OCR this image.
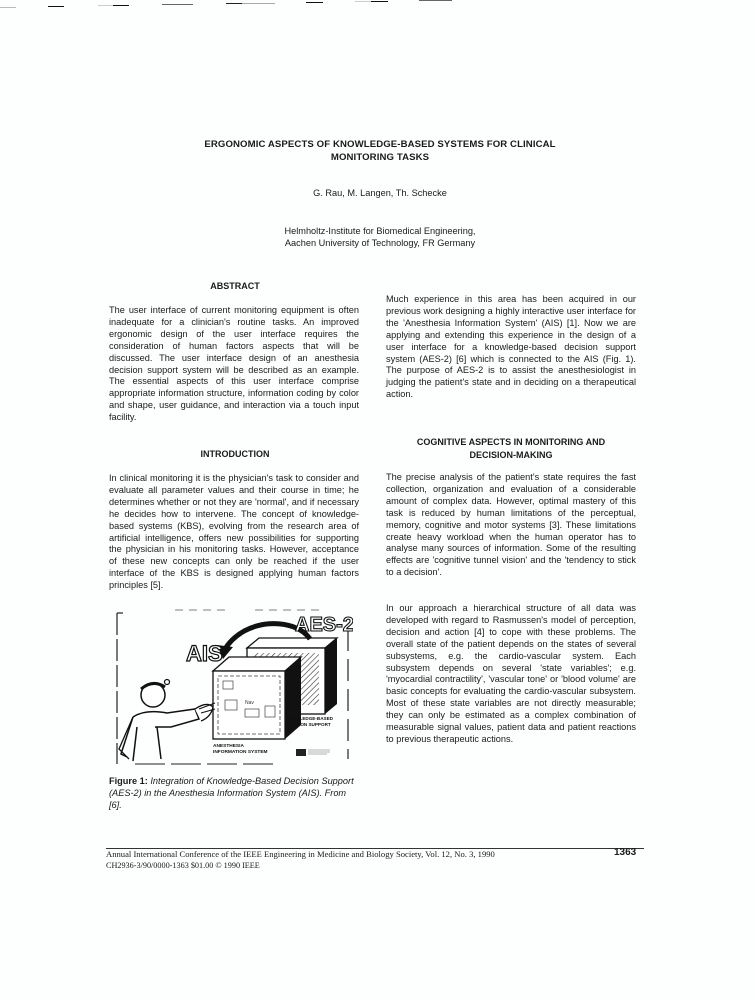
ERGONOMIC ASPECTS OF KNOWLEDGE-BASED SYSTEMS FOR CLINICAL
MONITORING TASKS
G. Rau, M. Langen, Th. Schecke
Helmholtz-Institute for Biomedical Engineering,
Aachen University of Technology, FR Germany
ABSTRACT

The user interface of current monitoring equipment is often inadequate for a clinician's routine tasks. An improved ergonomic design of the user interface requires the consideration of human factors aspects that will be discussed. The user interface design of an anesthesia decision support system will be described as an example. The essential aspects of this user interface comprise appropriate information structure, information coding by color and shape, user guidance, and interaction via a touch input facility.

INTRODUCTION

In clinical monitoring it is the physician's task to consider and evaluate all parameter values and their course in time; he determines whether or not they are 'normal', and if necessary he decides how to intervene. The concept of knowledge-based systems (KBS), evolving from the research area of artificial intelligence, offers new possibilities for supporting the physician in his monitoring tasks. However, acceptance of these new concepts can only be reached if the user interface of the KBS is designed applying human factors principles [5].

Nav
AIS
AES-2
ANESTHESIA
INFORMATION SYSTEM
KNOWLEDGE-BASED
DECISION SUPPORT
Figure 1: Integration of Knowledge-Based Decision Support (AES-2) in the Anesthesia Information System (AIS). From [6].

Much experience in this area has been acquired in our previous work designing a highly interactive user interface for the 'Anesthesia Information System' (AIS) [1]. Now we are applying and extending this experience in the design of a user interface for a knowledge-based decision support system (AES-2) [6] which is connected to the AIS (Fig. 1). The purpose of AES-2 is to assist the anesthesiologist in judging the patient's state and in deciding on a therapeutical action.

COGNITIVE ASPECTS IN MONITORING AND
DECISION-MAKING

The precise analysis of the patient's state requires the fast collection, organization and evaluation of a considerable amount of complex data. However, optimal mastery of this task is reduced by human limitations of the perceptual, memory, cognitive and motor systems [3]. These limitations create heavy workload when the human operator has to analyse many sources of information. Some of the resulting effects are 'cognitive tunnel vision' and the 'tendency to stick to a decision'.

In our approach a hierarchical structure of all data was developed with regard to Rasmussen's model of perception, decision and action [4] to cope with these problems. The overall state of the patient depends on the states of several subsystems, e.g. the cardio-vascular system. Each subsystem depends on several 'state variables'; e.g. 'myocardial contractility', 'vascular tone' or 'blood volume' are basic concepts for evaluating the cardio-vascular subsystem. Most of these state variables are not directly measurable; they can only be estimated as a complex combination of measurable signal values, patient data and patient reactions to previous therapeutic actions.

Annual International Conference of the IEEE Engineering in Medicine and Biology Society, Vol. 12, No. 3, 1990	1363
CH2936-3/90/0000-1363 $01.00 © 1990 IEEE
